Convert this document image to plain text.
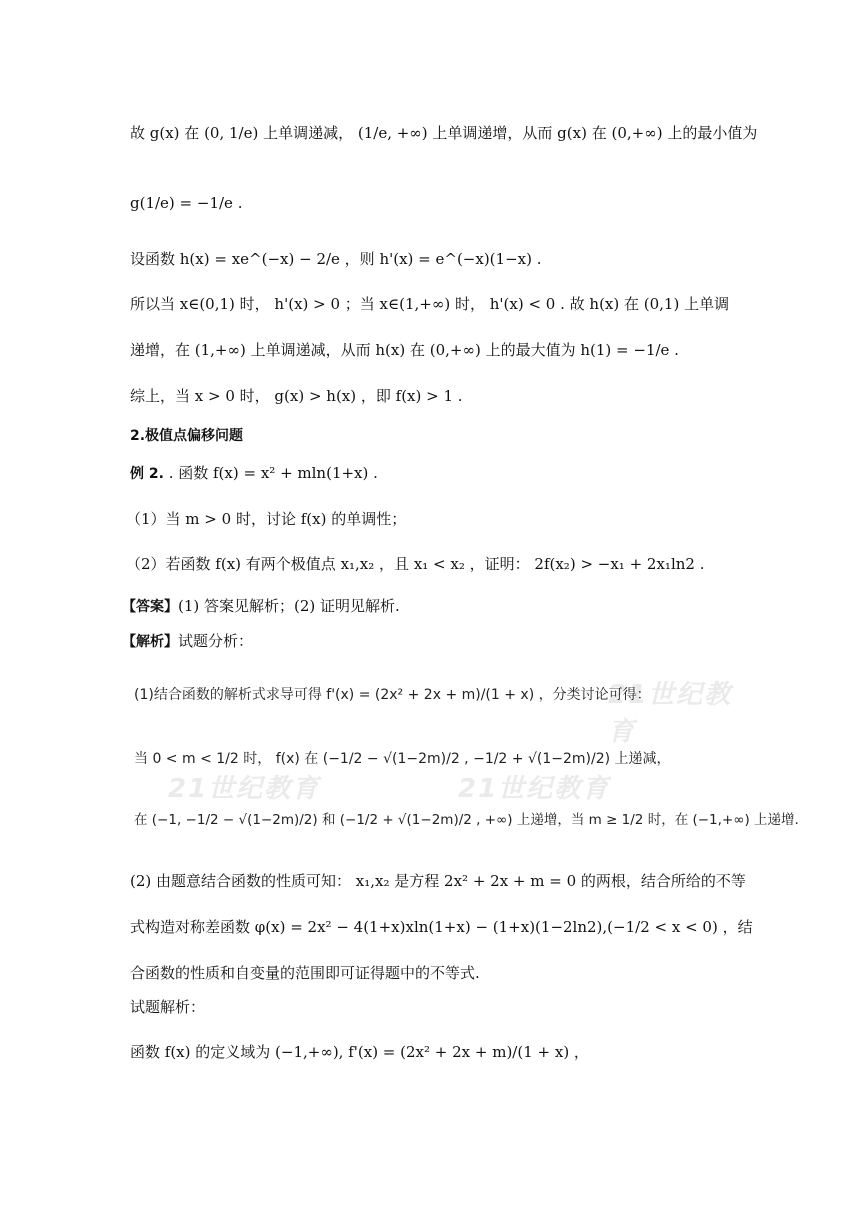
故 g(x) 在 (0, 1/e) 上单调递减， (1/e, +∞) 上单调递增，从而 g(x) 在 (0,+∞) 上的最小值为
g(1/e) = −1/e .
设函数 h(x) = xe^(−x) − 2/e ，则 h'(x) = e^(−x)(1−x) .
所以当 x∈(0,1) 时， h'(x) > 0 ；当 x∈(1,+∞) 时， h'(x) < 0 . 故 h(x) 在 (0,1) 上单调
递增，在 (1,+∞) 上单调递减，从而 h(x) 在 (0,+∞) 上的最大值为 h(1) = −1/e .
综上，当 x > 0 时， g(x) > h(x) ，即 f(x) > 1 .
2.极值点偏移问题
例 2. . 函数 f(x) = x² + mln(1+x) .
（1）当 m > 0 时，讨论 f(x) 的单调性；
（2）若函数 f(x) 有两个极值点 x₁,x₂ ，且 x₁ < x₂ ，证明： 2f(x₂) > −x₁ + 2x₁ln2 .
【答案】(1) 答案见解析；(2) 证明见解析.
【解析】试题分析：
21世纪教育
21世纪教育	21世纪教育
(1)结合函数的解析式求导可得 f'(x) = (2x² + 2x + m)/(1 + x) ，分类讨论可得：
当 0 < m < 1/2 时， f(x) 在 (−1/2 − √(1−2m)/2 , −1/2 + √(1−2m)/2) 上递减，
在 (−1, −1/2 − √(1−2m)/2) 和 (−1/2 + √(1−2m)/2 , +∞) 上递增，当 m ≥ 1/2 时，在 (−1,+∞) 上递增.
(2) 由题意结合函数的性质可知： x₁,x₂ 是方程 2x² + 2x + m = 0 的两根，结合所给的不等
式构造对称差函数 φ(x) = 2x² − 4(1+x)xln(1+x) − (1+x)(1−2ln2),(−1/2 < x < 0) ，结
合函数的性质和自变量的范围即可证得题中的不等式.
试题解析：
函数 f(x) 的定义域为 (−1,+∞), f'(x) = (2x² + 2x + m)/(1 + x) ，
